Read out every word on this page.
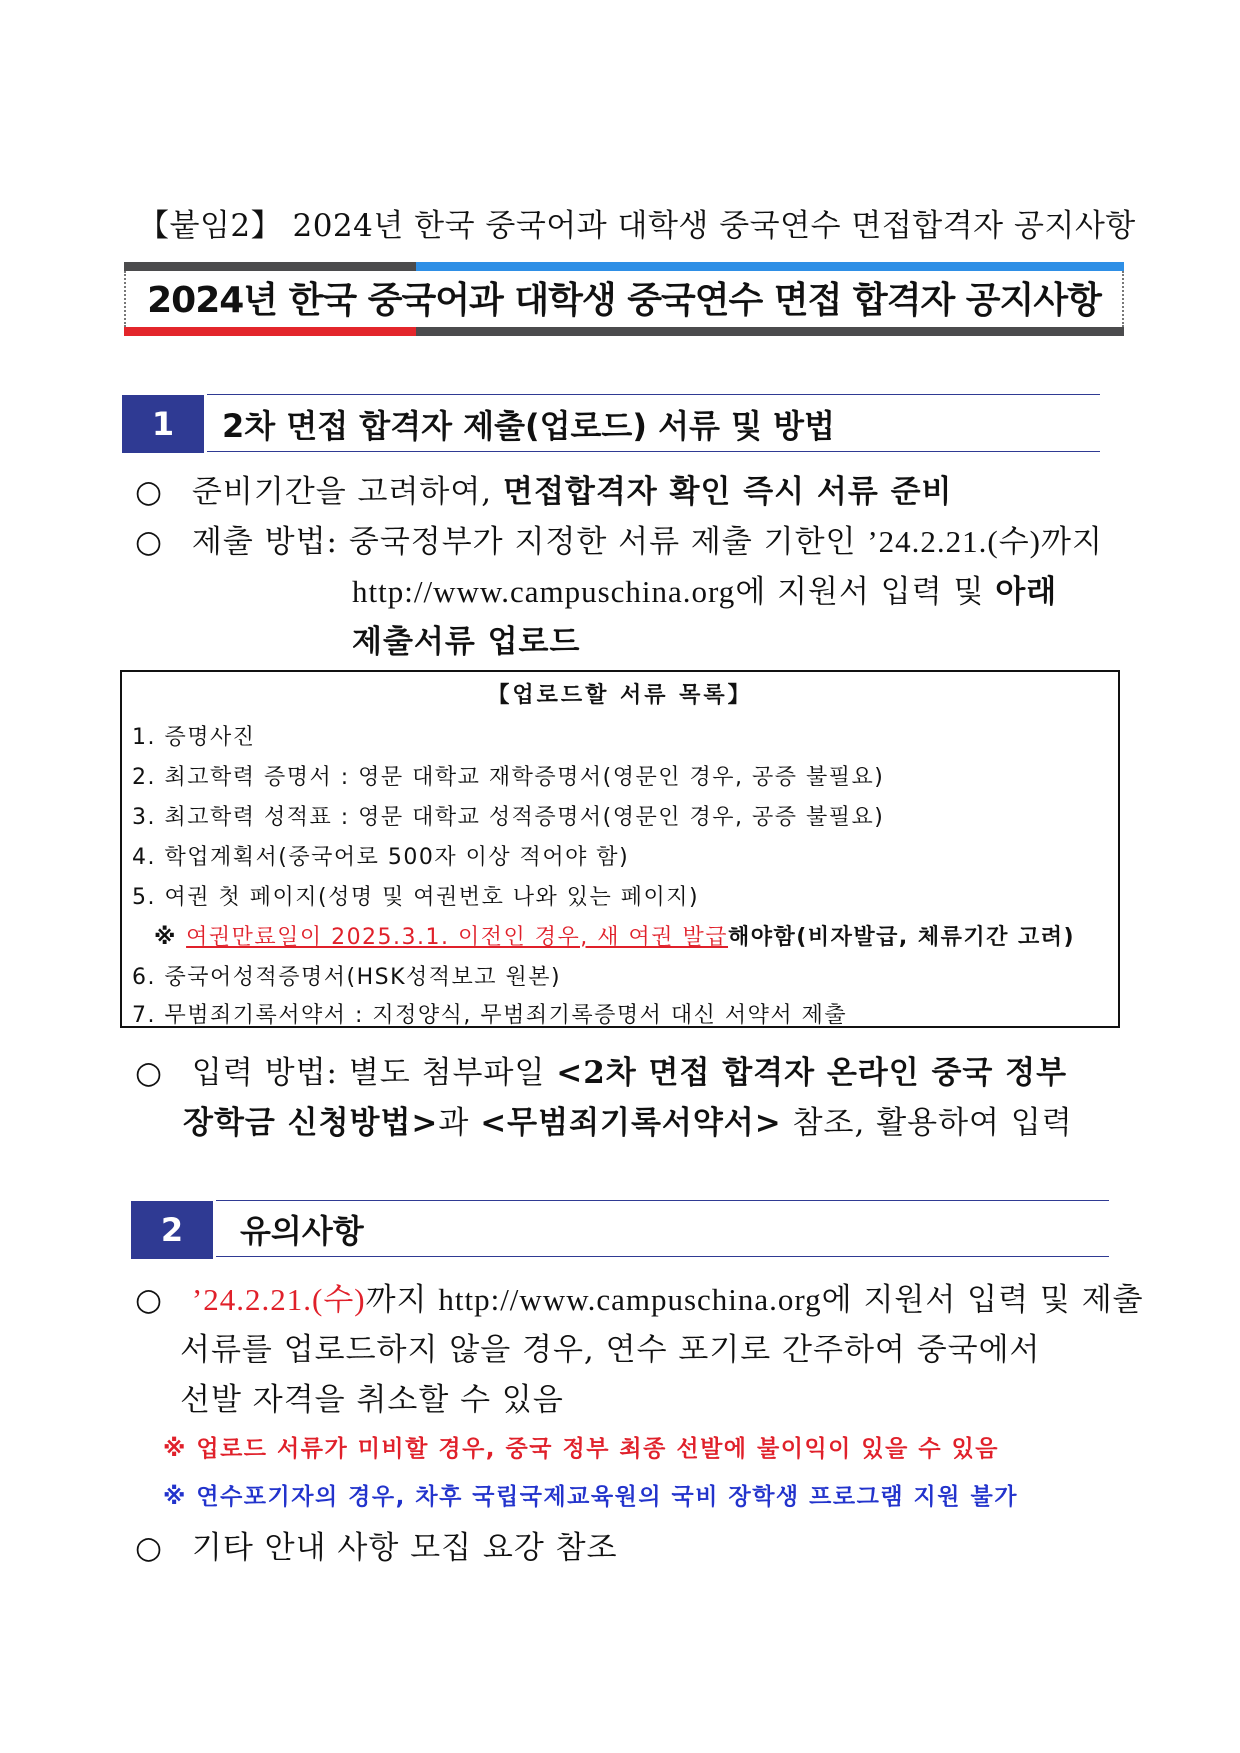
【붙임2】 2024년 한국 중국어과 대학생 중국연수 면접합격자 공지사항
2024년 한국 중국어과 대학생 중국연수 면접 합격자 공지사항
1	2차 면접 합격자 제출(업로드) 서류 및 방법
○ 준비기간을 고려하여, 면접합격자 확인 즉시 서류 준비
○ 제출 방법: 중국정부가 지정한 서류 제출 기한인 ’24.2.21.(수)까지
http://www.campuschina.org에 지원서 입력 및 아래
제출서류 업로드
【업로드할 서류 목록】
1. 증명사진
2. 최고학력 증명서 : 영문 대학교 재학증명서(영문인 경우, 공증 불필요)
3. 최고학력 성적표 : 영문 대학교 성적증명서(영문인 경우, 공증 불필요)
4. 학업계획서(중국어로 500자 이상 적어야 함)
5. 여권 첫 페이지(성명 및 여권번호 나와 있는 페이지)
※ 여권만료일이 2025.3.1. 이전인 경우, 새 여권 발급해야함(비자발급, 체류기간 고려)
6. 중국어성적증명서(HSK성적보고 원본)
7. 무범죄기록서약서 : 지정양식, 무범죄기록증명서 대신 서약서 제출
○ 입력 방법: 별도 첨부파일 <2차 면접 합격자 온라인 중국 정부
장학금 신청방법>과 <무범죄기록서약서> 참조, 활용하여 입력
2	유의사항
○ ’24.2.21.(수)까지 http://www.campuschina.org에 지원서 입력 및 제출
서류를 업로드하지 않을 경우, 연수 포기로 간주하여 중국에서
선발 자격을 취소할 수 있음
※ 업로드 서류가 미비할 경우, 중국 정부 최종 선발에 불이익이 있을 수 있음
※ 연수포기자의 경우, 차후 국립국제교육원의 국비 장학생 프로그램 지원 불가
○ 기타 안내 사항 모집 요강 참조
